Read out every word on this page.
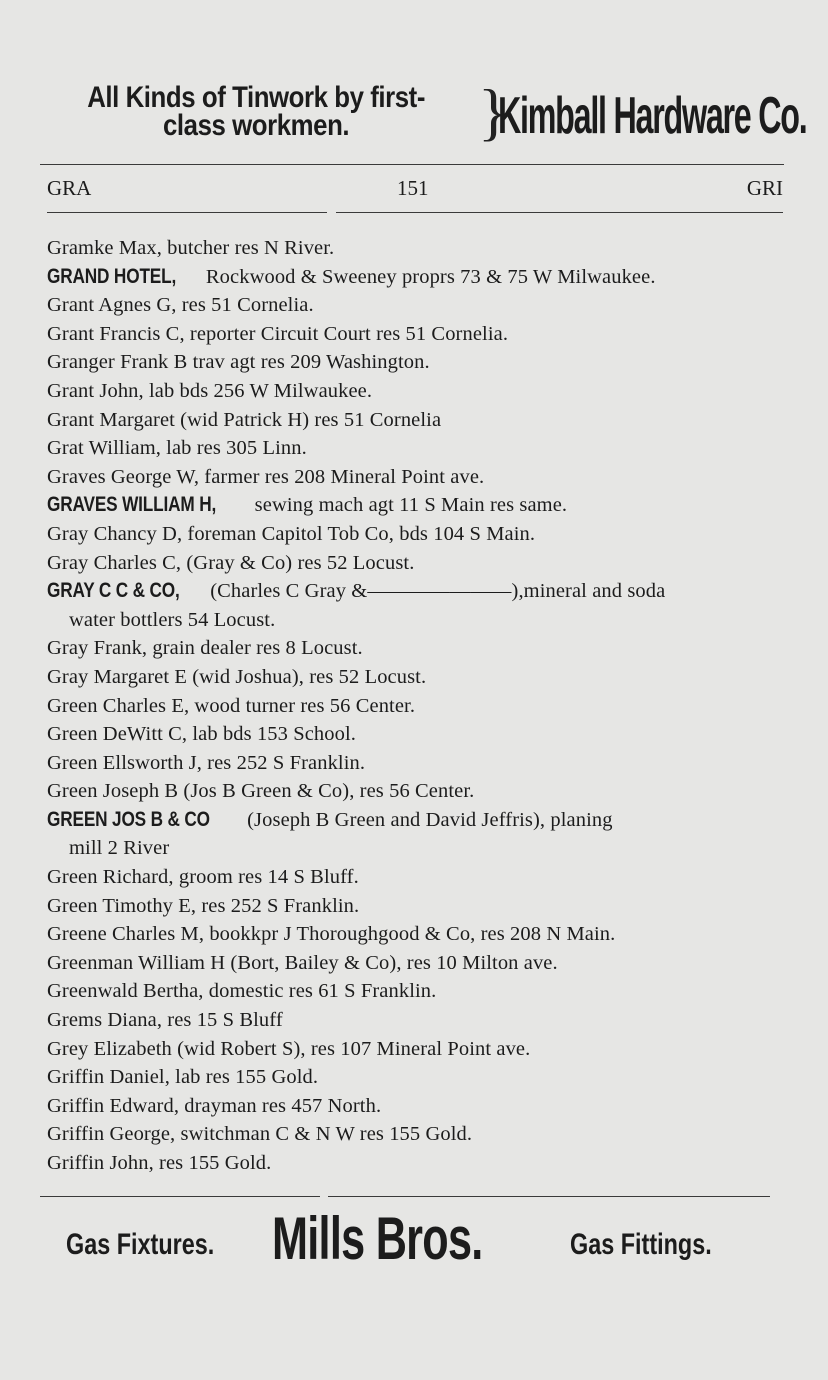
All Kinds of Tinwork by first-
class workmen.	}
Kimball Hardware Co.
GRA	151	GRI
Gramke Max, butcher res N River.
GRAND HOTEL, Rockwood & Sweeney proprs 73 & 75 W Milwaukee.
Grant Agnes G, res 51 Cornelia.
Grant Francis C, reporter Circuit Court res 51 Cornelia.
Granger Frank B trav agt res 209 Washington.
Grant John, lab bds 256 W Milwaukee.
Grant Margaret (wid Patrick H) res 51 Cornelia
Grat William, lab res 305 Linn.
Graves George W, farmer res 208 Mineral Point ave.
GRAVES WILLIAM H, sewing mach agt 11 S Main res same.
Gray Chancy D, foreman Capitol Tob Co, bds 104 S Main.
Gray Charles C, (Gray & Co) res 52 Locust.
GRAY C C & CO, (Charles C Gray &———————),mineral and soda
water bottlers 54 Locust.
Gray Frank, grain dealer res 8 Locust.
Gray Margaret E (wid Joshua), res 52 Locust.
Green Charles E, wood turner res 56 Center.
Green DeWitt C, lab bds 153 School.
Green Ellsworth J, res 252 S Franklin.
Green Joseph B (Jos B Green & Co), res 56 Center.
GREEN JOS B & CO (Joseph B Green and David Jeffris), planing
mill 2 River
Green Richard, groom res 14 S Bluff.
Green Timothy E, res 252 S Franklin.
Greene Charles M, bookkpr J Thoroughgood & Co, res 208 N Main.
Greenman William H (Bort, Bailey & Co), res 10 Milton ave.
Greenwald Bertha, domestic res 61 S Franklin.
Grems Diana, res 15 S Bluff
Grey Elizabeth (wid Robert S), res 107 Mineral Point ave.
Griffin Daniel, lab res 155 Gold.
Griffin Edward, drayman res 457 North.
Griffin George, switchman C & N W res 155 Gold.
Griffin John, res 155 Gold.
Gas Fixtures. Mills Bros.	Gas Fittings.
